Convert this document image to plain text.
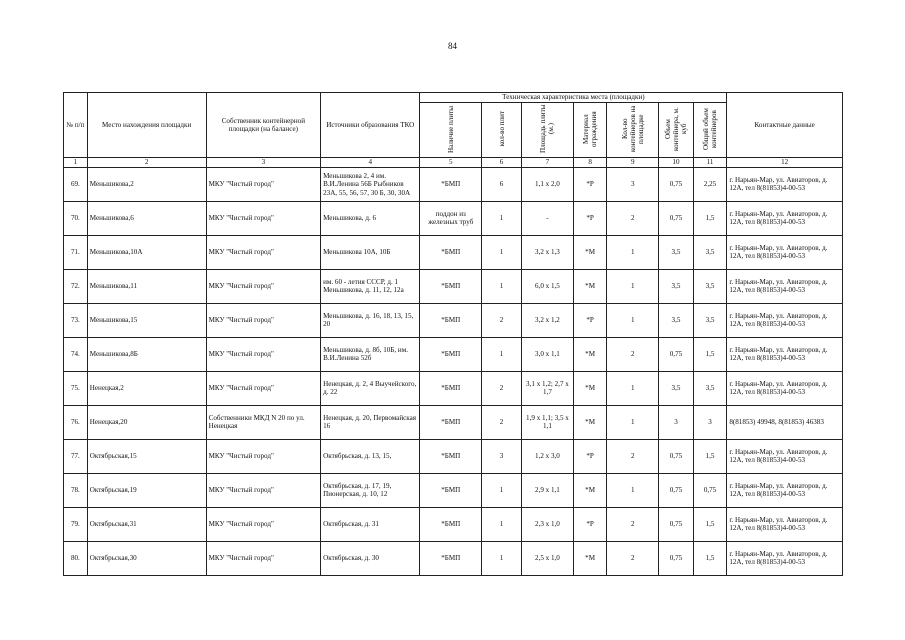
84
№ п/п	Место нахождения площадки	Собственник контейнерной площадки (на балансе)	Источники образования ТКО	Техническая характеристика места (площадки)							Контактные данные
				Наличие плиты	кол-во плит	Площадь плиты (м.)	Материал ограждения	Кол-во контейнеров на площадке	Объем контейнера, м. куб	Общий объем контейнеров	
1	2	3	4	5	6	7	8	9	10	11	12
69.	Меньшикова,2	МКУ "Чистый город"	Меньшикова 2, 4 им. В.И.Ленина 56Б Рыбников 23А, 55, 56, 57, 30 Б, 30, 30А	*БМП	6	1,1 х 2,0	*Р	3	0,75	2,25	г. Нарьян-Мар, ул. Авиаторов, д. 12А, тел 8(81853)4-00-53
70.	Меньшикова,6	МКУ "Чистый город"	Меньшикова, д. 6	поддон из железных труб	1	-	*Р	2	0,75	1,5	г. Нарьян-Мар, ул. Авиаторов, д. 12А, тел 8(81853)4-00-53
71.	Меньшикова,10А	МКУ "Чистый город"	Меньшикова 10А, 10Б	*БМП	1	3,2 х 1,3	*М	1	3,5	3,5	г. Нарьян-Мар, ул. Авиаторов, д. 12А, тел 8(81853)4-00-53
72.	Меньшикова,11	МКУ "Чистый город"	им. 60 - летия СССР, д. 1 Меньшикова, д. 11, 12, 12а	*БМП	1	6,0 х 1,5	*М	1	3,5	3,5	г. Нарьян-Мар, ул. Авиаторов, д. 12А, тел 8(81853)4-00-53
73.	Меньшикова,15	МКУ "Чистый город"	Меньшикова, д. 16, 18, 13, 15, 20	*БМП	2	3,2 х 1,2	*Р	1	3,5	3,5	г. Нарьян-Мар, ул. Авиаторов, д. 12А, тел 8(81853)4-00-53
74.	Меньшикова,8Б	МКУ "Чистый город"	Меньшикова, д. 8б, 10Б, им. В.И.Ленина 52б	*БМП	1	3,0 х 1,1	*М	2	0,75	1,5	г. Нарьян-Мар, ул. Авиаторов, д. 12А, тел 8(81853)4-00-53
75.	Ненецкая,2	МКУ "Чистый город"	Ненецкая, д. 2, 4 Выучейского, д. 22	*БМП	2	3,1 х 1,2; 2,7 х 1,7	*М	1	3,5	3,5	г. Нарьян-Мар, ул. Авиаторов, д. 12А, тел 8(81853)4-00-53
76.	Ненецкая,20	Собственники МКД N 20 по ул. Ненецкая	Ненецкая, д. 20, Первомайская 16	*БМП	2	1,9 х 1,1; 3,5 х 1,1	*М	1	3	3	8(81853) 49948, 8(81853) 46383
77.	Октябрьская,15	МКУ "Чистый город"	Октябрьская, д. 13, 15,	*БМП	3	1,2 х 3,0	*Р	2	0,75	1,5	г. Нарьян-Мар, ул. Авиаторов, д. 12А, тел 8(81853)4-00-53
78.	Октябрьская,19	МКУ "Чистый город"	Октябрьская, д. 17, 19, Пионерская, д. 10, 12	*БМП	1	2,9 х 1,1	*М	1	0,75	0,75	г. Нарьян-Мар, ул. Авиаторов, д. 12А, тел 8(81853)4-00-53
79.	Октябрьская,31	МКУ "Чистый город"	Октябрьская, д. 31	*БМП	1	2,3 х 1,0	*Р	2	0,75	1,5	г. Нарьян-Мар, ул. Авиаторов, д. 12А, тел 8(81853)4-00-53
80.	Октябрьская,30	МКУ "Чистый город"	Октябрьская, д. 30	*БМП	1	2,5 х 1,0	*М	2	0,75	1,5	г. Нарьян-Мар, ул. Авиаторов, д. 12А, тел 8(81853)4-00-53
